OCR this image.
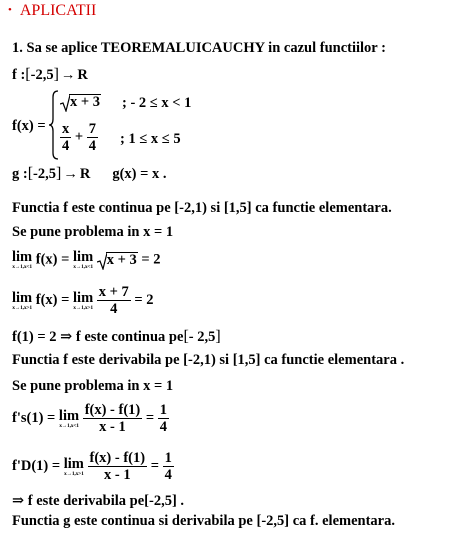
• APLICATII
1. Sa se aplice TEOREMALUICAUCHY in cazul functiilor :
f :[-2,5] → R
f(x) =
x + 3 ; - 2 ≤ x < 1
$\frac{x}{4} + \frac{7}{4}$ ; 1 ≤ x ≤ 5
g :[-2,5] → R g(x) = x .
Functia f este continua pe [-2,1) si [1,5] ca functie elementara.
Se pune problema in x = 1
lim
x→1,x<1 f(x) = lim
x→1,x<1
x + 3 = 2
lim
x→1,x>1 f(x) = lim
x→1,x>1
$\frac{x + 7}{4} = 2$
f(1) = 2 ⇒ f este continua pe[- 2,5]
Functia f este derivabila pe [-2,1) si [1,5] ca functie elementara .
Se pune problema in x = 1
f's(1) = lim
x→1,x<1
$\frac{f(x) - f(1)}{x - 1} = \frac{1}{4}$
f'D(1) = lim
x→1,x>1
$\frac{f(x) - f(1)}{x - 1} = \frac{1}{4}$
⇒ f este derivabila pe[-2,5] .
Functia g este continua si derivabila pe [-2,5] ca f. elementara.
